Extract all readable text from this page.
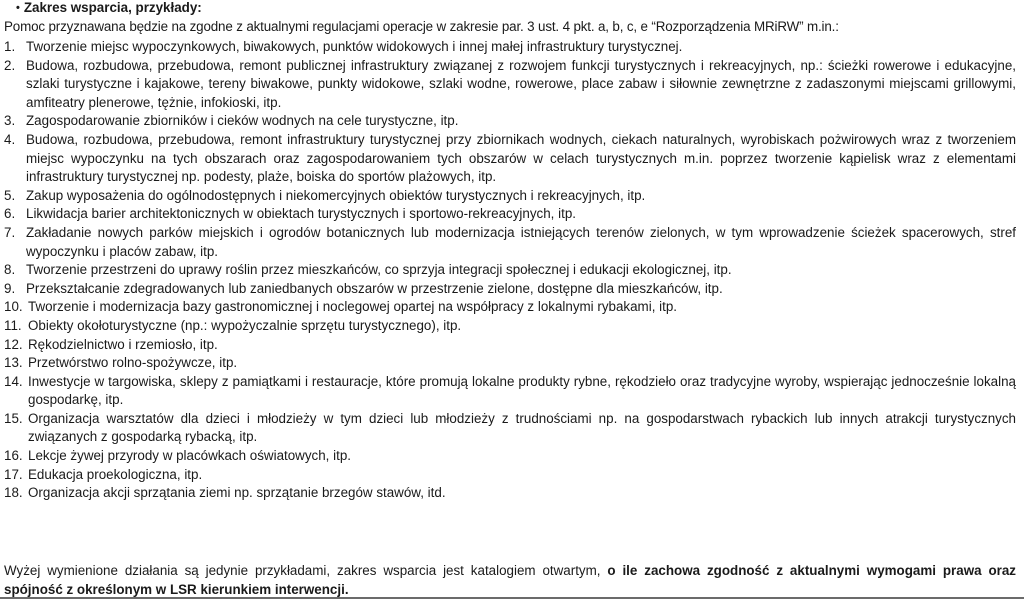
• Zakres wsparcia, przykłady:
Pomoc przyznawana będzie na zgodne z aktualnymi regulacjami operacje w zakresie par. 3 ust. 4 pkt. a, b, c, e “Rozporządzenia MRiRW” m.in.:
1. Tworzenie miejsc wypoczynkowych, biwakowych, punktów widokowych i innej małej infrastruktury turystycznej.
2. Budowa, rozbudowa, przebudowa, remont publicznej infrastruktury związanej z rozwojem funkcji turystycznych i rekreacyjnych, np.: ścieżki rowerowe i edukacyjne, szlaki turystyczne i kajakowe, tereny biwakowe, punkty widokowe, szlaki wodne, rowerowe, place zabaw i siłownie zewnętrzne z zadaszonymi miejscami grillowymi, amfiteatry plenerowe, tężnie, infokioski, itp.
3. Zagospodarowanie zbiorników i cieków wodnych na cele turystyczne, itp.
4. Budowa, rozbudowa, przebudowa, remont infrastruktury turystycznej przy zbiornikach wodnych, ciekach naturalnych, wyrobiskach pożwirowych wraz z tworzeniem miejsc wypoczynku na tych obszarach oraz zagospodarowaniem tych obszarów w celach turystycznych m.in. poprzez tworzenie kąpielisk wraz z elementami infrastruktury turystycznej np. podesty, plaże, boiska do sportów plażowych, itp.
5. Zakup wyposażenia do ogólnodostępnych i niekomercyjnych obiektów turystycznych i rekreacyjnych, itp.
6. Likwidacja barier architektonicznych w obiektach turystycznych i sportowo-rekreacyjnych, itp.
7. Zakładanie nowych parków miejskich i ogrodów botanicznych lub modernizacja istniejących terenów zielonych, w tym wprowadzenie ścieżek spacerowych, stref wypoczynku i placów zabaw, itp.
8. Tworzenie przestrzeni do uprawy roślin przez mieszkańców, co sprzyja integracji społecznej i edukacji ekologicznej, itp.
9. Przekształcanie zdegradowanych lub zaniedbanych obszarów w przestrzenie zielone, dostępne dla mieszkańców, itp.
10. Tworzenie i modernizacja bazy gastronomicznej i noclegowej opartej na współpracy z lokalnymi rybakami, itp.
11. Obiekty okołoturystyczne (np.: wypożyczalnie sprzętu turystycznego), itp.
12. Rękodzielnictwo i rzemiosło, itp.
13. Przetwórstwo rolno-spożywcze, itp.
14. Inwestycje w targowiska, sklepy z pamiątkami i restauracje, które promują lokalne produkty rybne, rękodzieło oraz tradycyjne wyroby, wspierając jednocześnie lokalną gospodarkę, itp.
15. Organizacja warsztatów dla dzieci i młodzieży w tym dzieci lub młodzieży z trudnościami np. na gospodarstwach rybackich lub innych atrakcji turystycznych związanych z gospodarką rybacką, itp.
16. Lekcje żywej przyrody w placówkach oświatowych, itp.
17. Edukacja proekologiczna, itp.
18. Organizacja akcji sprzątania ziemi np. sprzątanie brzegów stawów, itd.
Wyżej wymienione działania są jedynie przykładami, zakres wsparcia jest katalogiem otwartym, o ile zachowa zgodność z aktualnymi wymogami prawa oraz spójność z określonym w LSR kierunkiem interwencji.
